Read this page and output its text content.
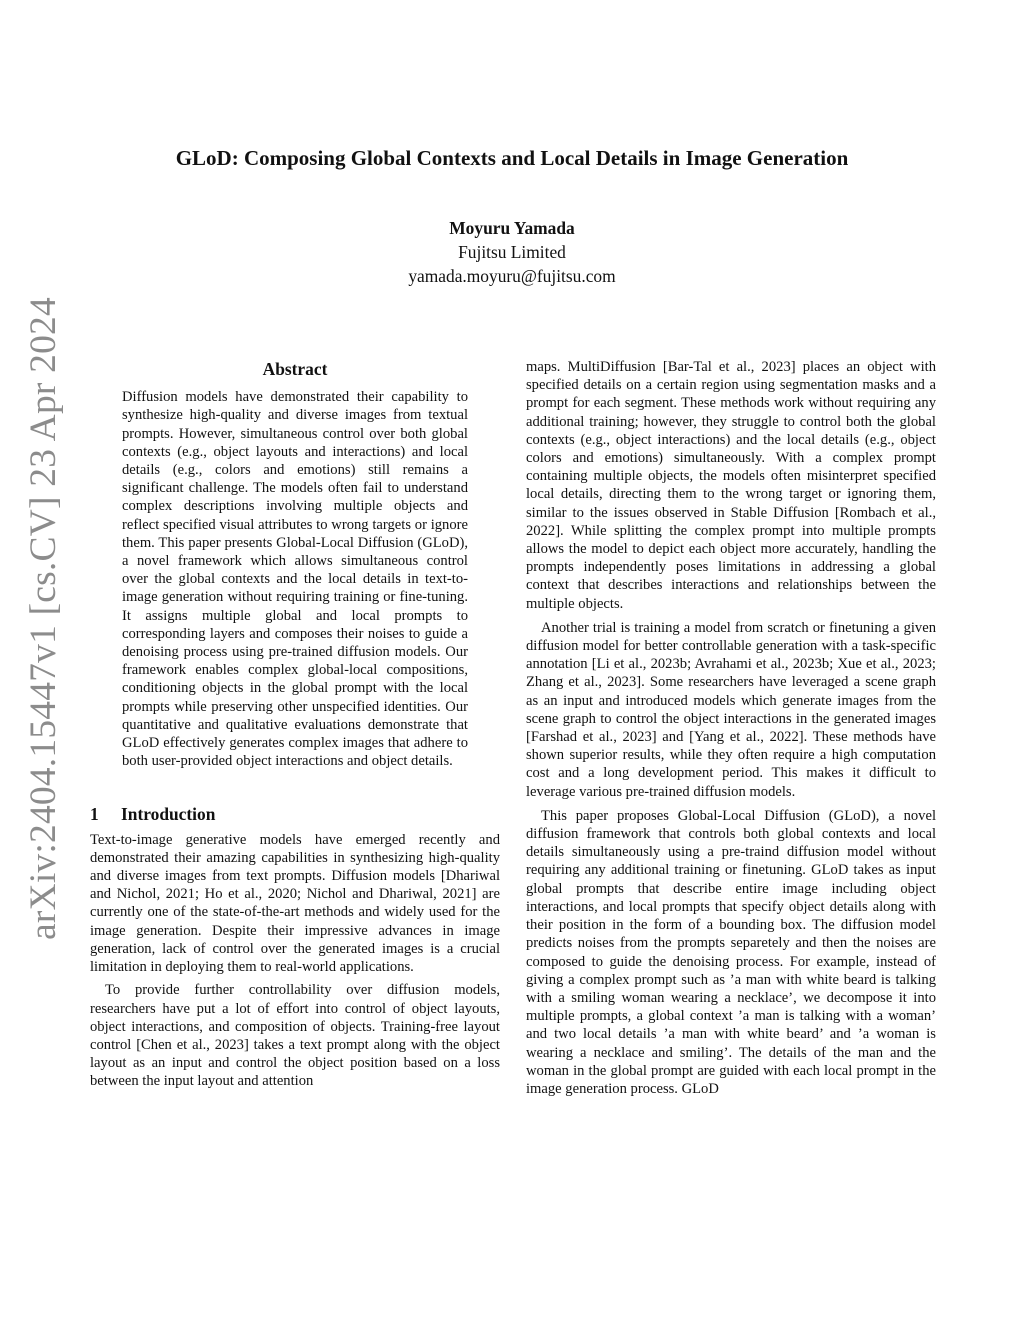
arXiv:2404.15447v1 [cs.CV] 23 Apr 2024
GLoD: Composing Global Contexts and Local Details in Image Generation
Moyuru Yamada
Fujitsu Limited
yamada.moyuru@fujitsu.com
Abstract

Diffusion models have demonstrated their capability to synthesize high-quality and diverse images from textual prompts. However, simultaneous control over both global contexts (e.g., object layouts and interactions) and local details (e.g., colors and emotions) still remains a significant challenge. The models often fail to understand complex descriptions involving multiple objects and reflect specified visual attributes to wrong targets or ignore them. This paper presents Global-Local Diffusion (GLoD), a novel framework which allows simultaneous control over the global contexts and the local details in text-to-image generation without requiring training or fine-tuning. It assigns multiple global and local prompts to corresponding layers and composes their noises to guide a denoising process using pre-trained diffusion models. Our framework enables complex global-local compositions, conditioning objects in the global prompt with the local prompts while preserving other unspecified identities. Our quantitative and qualitative evaluations demonstrate that GLoD effectively generates complex images that adhere to both user-provided object interactions and object details.

1 Introduction

Text-to-image generative models have emerged recently and demonstrated their amazing capabilities in synthesizing high-quality and diverse images from text prompts. Diffusion models [Dhariwal and Nichol, 2021; Ho et al., 2020; Nichol and Dhariwal, 2021] are currently one of the state-of-the-art methods and widely used for the image generation. Despite their impressive advances in image generation, lack of control over the generated images is a crucial limitation in deploying them to real-world applications.

To provide further controllability over diffusion models, researchers have put a lot of effort into control of object layouts, object interactions, and composition of objects. Training-free layout control [Chen et al., 2023] takes a text prompt along with the object layout as an input and control the object position based on a loss between the input layout and attention

maps. MultiDiffusion [Bar-Tal et al., 2023] places an object with specified details on a certain region using segmentation masks and a prompt for each segment. These methods work without requiring any additional training; however, they struggle to control both the global contexts (e.g., object interactions) and the local details (e.g., object colors and emotions) simultaneously. With a complex prompt containing multiple objects, the models often misinterpret specified local details, directing them to the wrong target or ignoring them, similar to the issues observed in Stable Diffusion [Rombach et al., 2022]. While splitting the complex prompt into multiple prompts allows the model to depict each object more accurately, handling the prompts independently poses limitations in addressing a global context that describes interactions and relationships between the multiple objects.

Another trial is training a model from scratch or finetuning a given diffusion model for better controllable generation with a task-specific annotation [Li et al., 2023b; Avrahami et al., 2023b; Xue et al., 2023; Zhang et al., 2023]. Some researchers have leveraged a scene graph as an input and introduced models which generate images from the scene graph to control the object interactions in the generated images [Farshad et al., 2023] and [Yang et al., 2022]. These methods have shown superior results, while they often require a high computation cost and a long development period. This makes it difficult to leverage various pre-trained diffusion models.

This paper proposes Global-Local Diffusion (GLoD), a novel diffusion framework that controls both global contexts and local details simultaneously using a pre-traind diffusion model without requiring any additional training or finetuning. GLoD takes as input global prompts that describe entire image including object interactions, and local prompts that specify object details along with their position in the form of a bounding box. The diffusion model predicts noises from the prompts separetely and then the noises are composed to guide the denoising process. For example, instead of giving a complex prompt such as ’a man with white beard is talking with a smiling woman wearing a necklace’, we decompose it into multiple prompts, a global context ’a man is talking with a woman’ and two local details ’a man with white beard’ and ’a woman is wearing a necklace and smiling’. The details of the man and the woman in the global prompt are guided with each local prompt in the image generation process. GLoD
